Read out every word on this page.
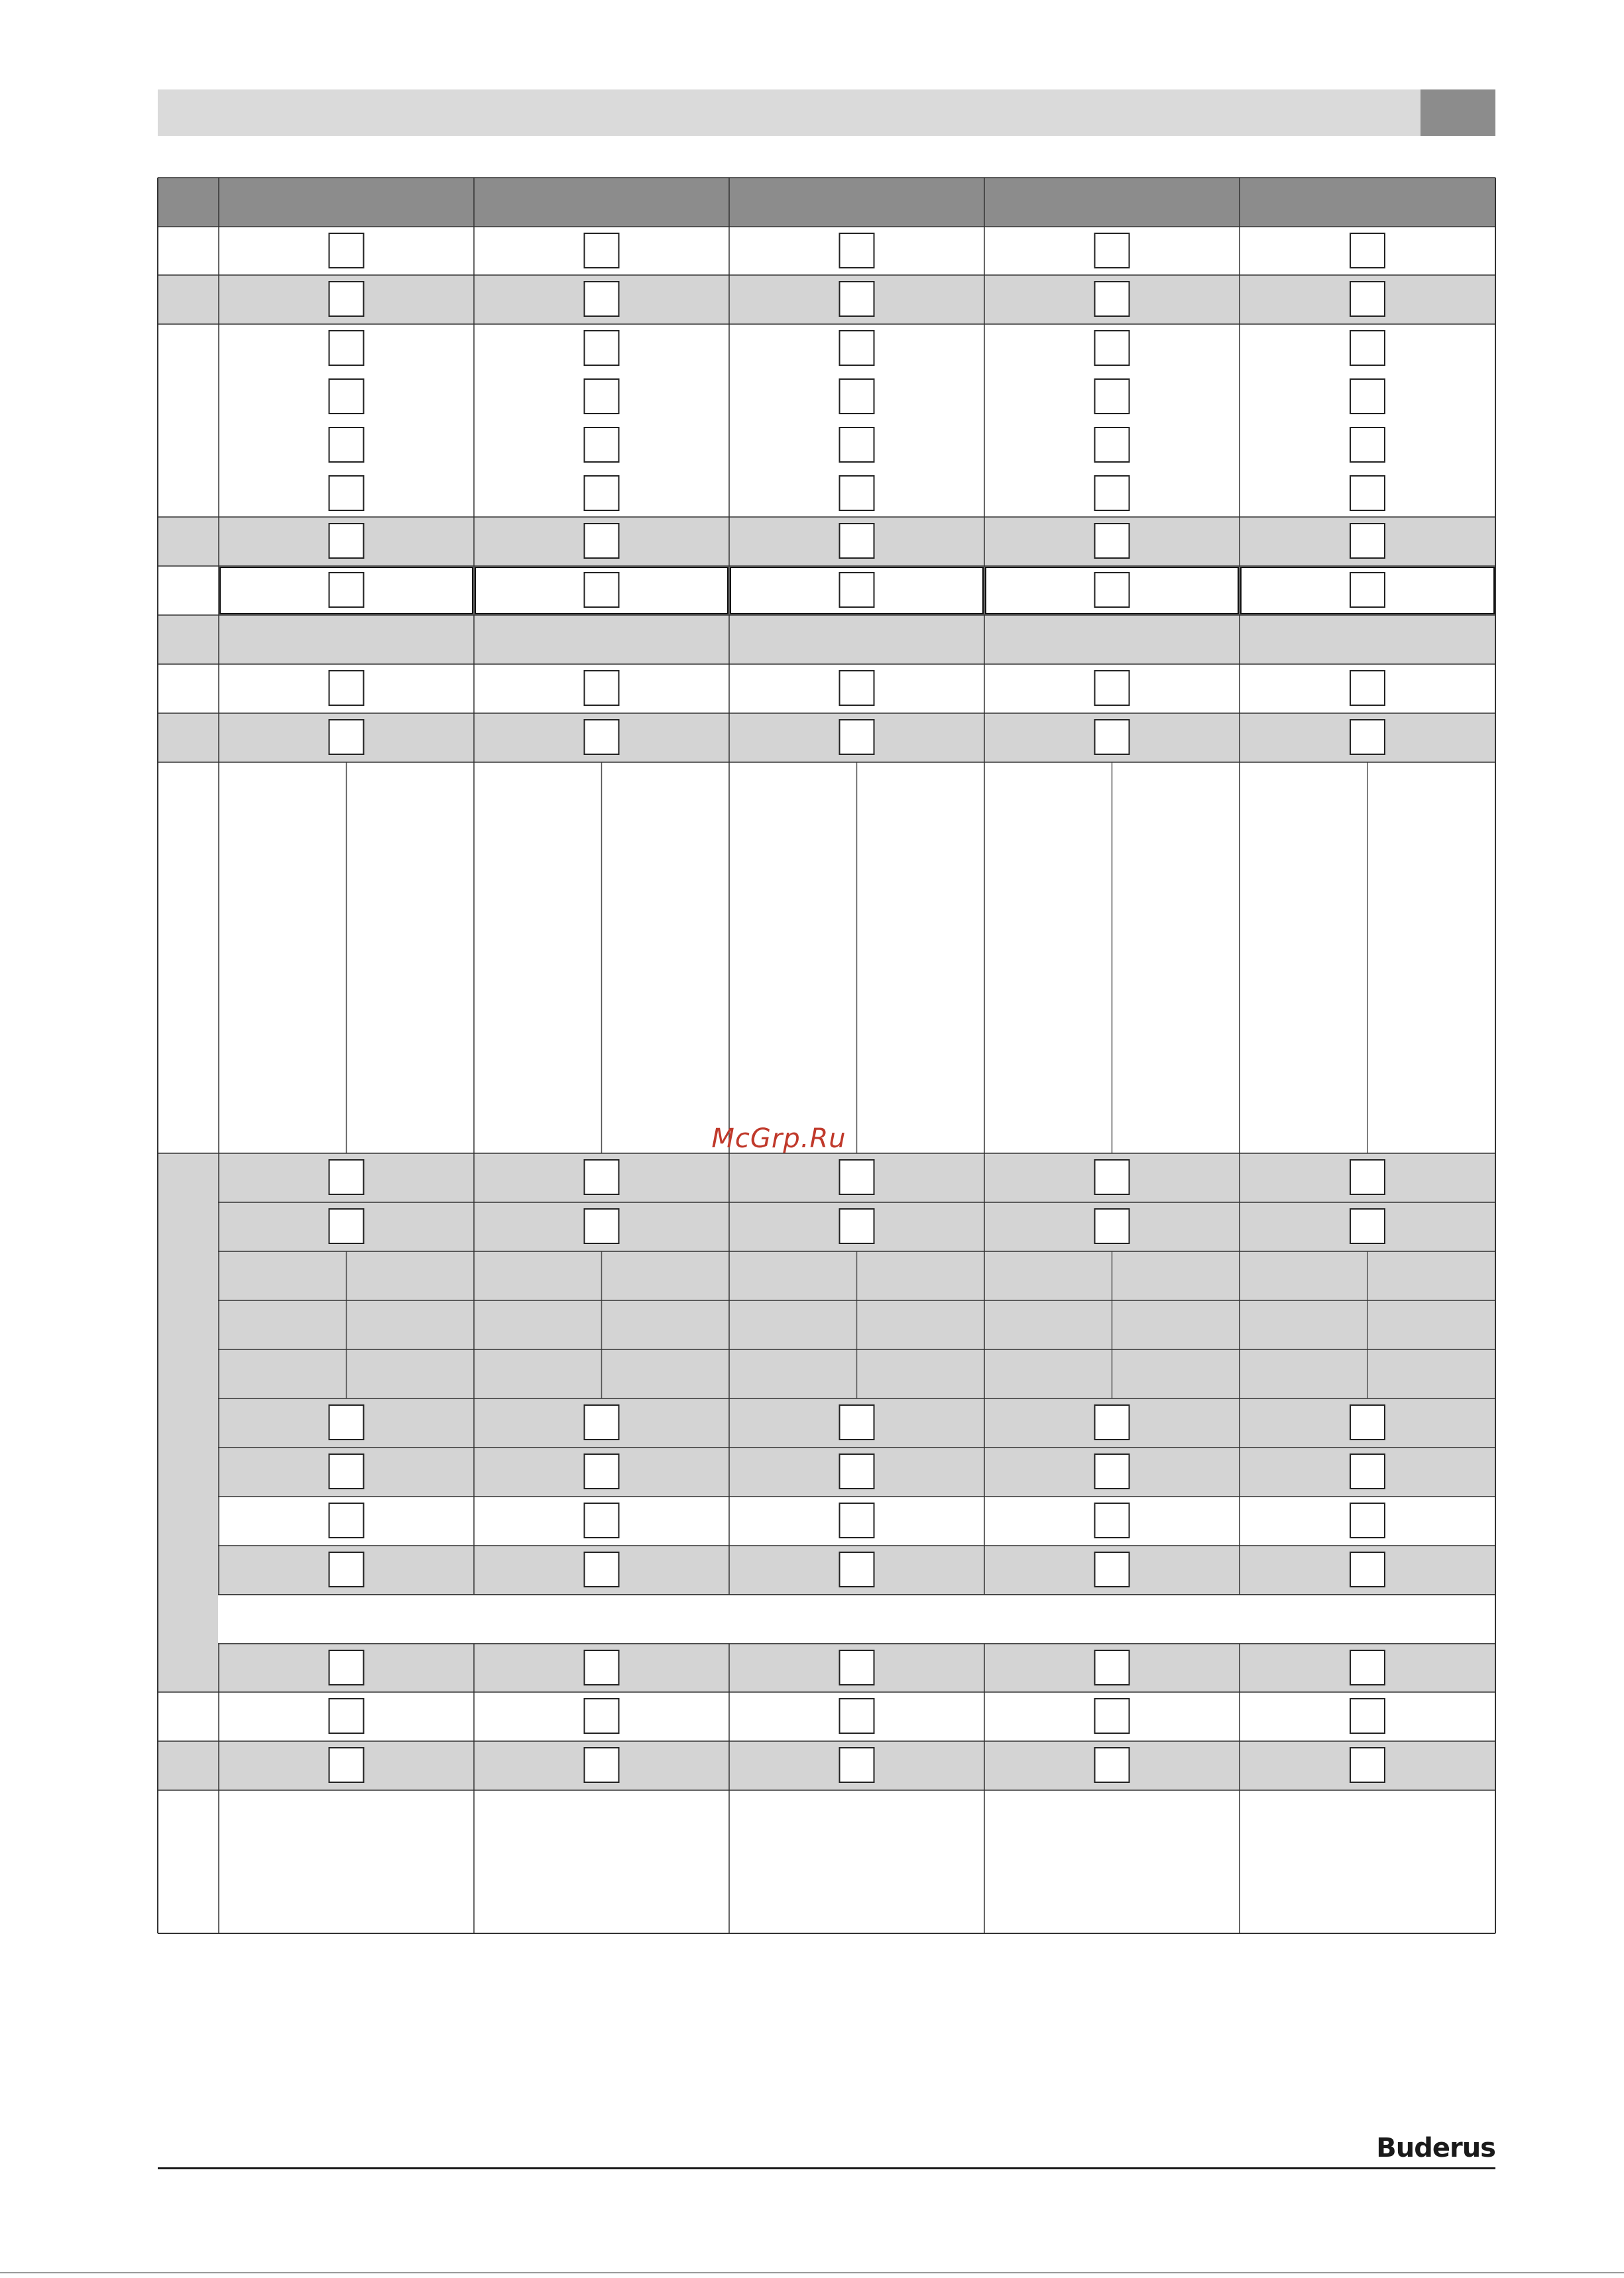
McGrp.Ru
Buderus
